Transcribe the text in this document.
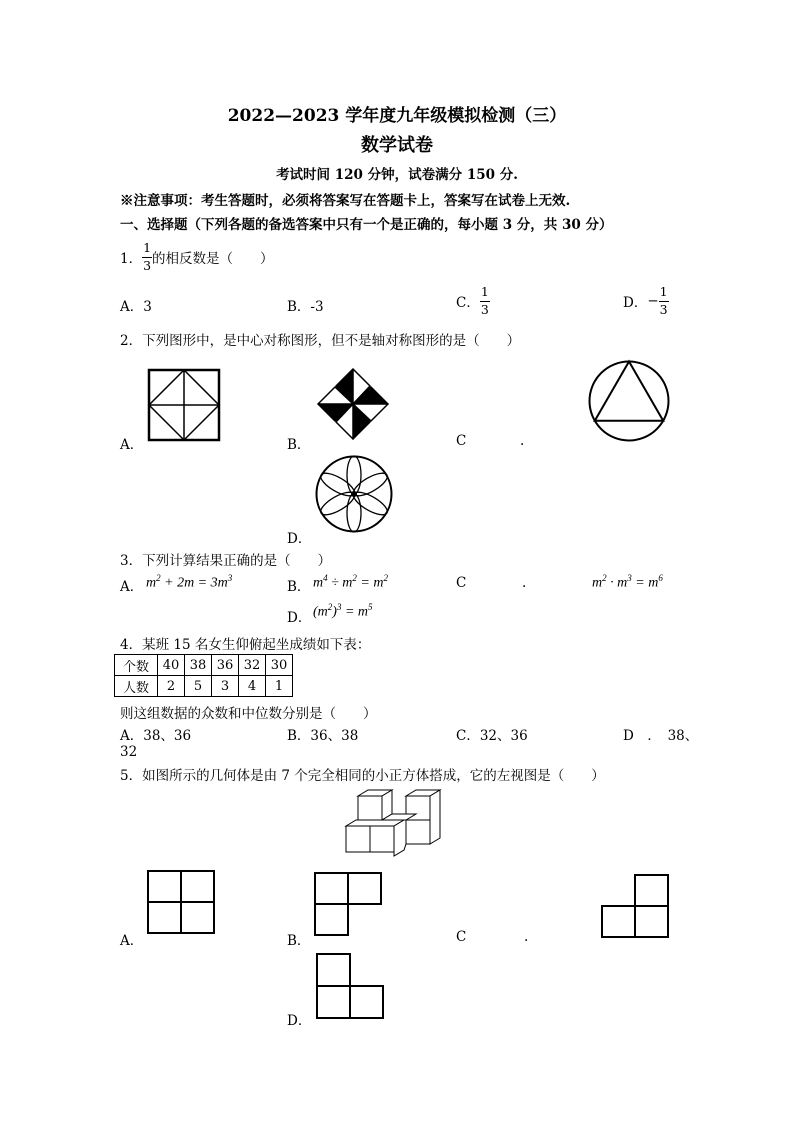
2022—2023 学年度九年级模拟检测（三）
数学试卷
考试时间 120 分钟，试卷满分 150 分.
※注意事项：考生答题时，必须将答案写在答题卡上，答案写在试卷上无效.
一、选择题（下列各题的备选答案中只有一个是正确的，每小题 3 分，共 30 分）
1．
1
3 的相反数是（　　）
A．3	B．-3	C．
1
3	D． −
1
3
2．下列图形中，是中心对称图形，但不是轴对称图形的是（　　）
A．	B．	C	.
D．
3．下列计算结果正确的是（　　）
A． $m^2 + 2m = 3m^3$
B． $m^4 \div m^2 = m^2$	C	.	$m^2 \cdot m^3 = m^6$
D． $(m^2)^3 = m^5$
4．某班 15 名女生仰俯起坐成绩如下表：
个数	40	38	36	32	30
人数	2	5	3	4	1
则这组数据的众数和中位数分别是（　　）
A．38、36	B．36、38	C．32、36	D　．　38、
32
5．如图所示的几何体是由 7 个完全相同的小正方体搭成，它的左视图是（　　）
A．	B．	C	.
D．
